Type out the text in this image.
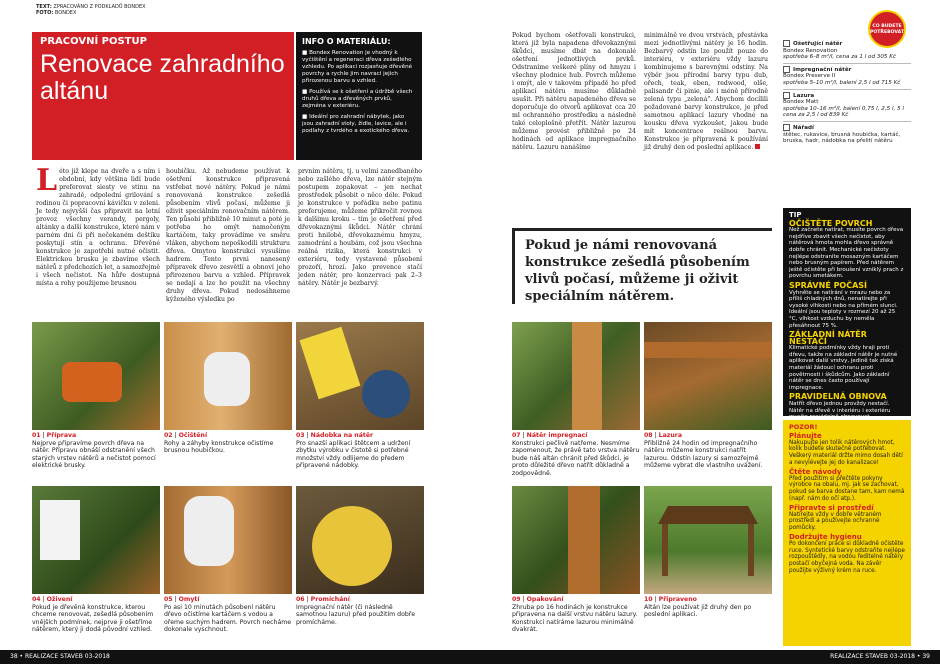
TEXT: ZPRACOVÁNO Z PODKLADŮ BONDEX
FOTO: BONDEX
PRACOVNÍ POSTUP
Renovace zahradního altánu
INFO O MATERIÁLU:

■ Bondex Renovation je vhodný k vyčištění a regeneraci dřeva zešedlého vzhledu. Po aplikaci rozjasňuje dřevěné povrchy a rychle jim navrací jejich přirozenou barvu a vzhled.

■ Používá se k ošetření a údržbě všech druhů dřeva a dřevěných prvků, zejména v exteriéru.

■ Ideální pro zahradní nábytek, jako jsou zahradní stoly, židle, lavice, ale i podlahy z tvrdého a exotického dřeva.

Léto již klepe na dveře a s ním i obdobní, kdy většina lidí bude preferovat siesty ve stínu na zahradě, odpolední grilování s rodinou či popracovní kávičku v zeleni. Je tedy nejvyšší čas připravit na letní provoz všechny verandy, pergoly, altánky a další konstrukce, které nám v parném dni či při nečekaném deštíku poskytují stín a ochranu. Dřevěné konstrukce je zapotřebí nutné očistit. Elektrickou brusku je zbavíme všech nátěrů z předchozích let, a samozřejmě i všech nečistot. Na hůře dostupná místa a rohy použijeme brusnou
houbičku. Až nebudeme používat k ošetření konstrukce připravená vstřebat nové nátěry. Pokud je námi renovovaná konstrukce zešedlá působením vlivů počasí, můžeme ji oživit speciálním renovačním nátěrem. Ten působí přibližně 10 minut a poté je potřeba ho omýt namočeným kartáčem, taky provádíme ve směru vláken, abychom nepoškodili strukturu dřeva. Omytou konstrukci vysušíme hadrem. Tento prvni nanesený přípravek dřevo zesvětlí a obnoví jeho přirozenou barvu a vzhled. Přípravek se nedají a lze ho použít na všechny druhy dřeva. Pokud nedosáhneme kýženého výsledku po
prvním nátěru, tj. u velmi zanedbaného nebo zašlého dřeva, lze nátěr stejným postupem zopakovat – jen nechat prostředek působit o něco déle. Pokud je konstrukce v pořádku nebo patinu preferujeme, můžeme přikročit rovnou k dalšímu kroku – tím je ošetření před dřevokaznými škůdci. Nátěr chrání proti hnilobě, dřevokaznému hmyzu, zamodrání a houbám, což jsou všechna reálná rizika, která konstrukci v exteriéru, tedy vystavené působení prozoří, hrozí. Jako prevence stačí jeden nátěr, pro konzervaci pak 2–3 nátěry. Nátěr je bezbarvý.
Pokud bychom ošetřovali konstrukci, která již byla napadena dřevokaznými škůdci, musíme dbát na dokonalé ošetření jednotlivých prvků. Odstraníme veškeré plíny od hmyzu i všechny plodnice hub. Povrch můžeme i omýt, ale v takovém případě ho před aplikací nátěru musíme důkladně usušit. Při nátěru napadeného dřeva se doporučuje do otvorů aplikovat cca 20 ml ochranného prostředku a následně také celoplošně přetřít. Nátěr lazurou můžeme provést přibližně po 24 hodinách od aplikace impregnačního nátěru. Lazuru nanášíme
minimálně ve dvou vrstvách, přestávka mezi jednotlivými nátěry je 16 hodin. Bezbarvý odstín lze použít pouze do interiéru, v exteriéru vždy lazuru kombinujeme s barevnými odstíny. Na výběr jsou přírodní barvy typu dub, ořech, teak, eben, redwood, olše, palisandr či pinie, ale i méně přírodně zelená typu „zelená". Abychom docílili požadované barvy konstrukce, je před samotnou aplikací lazury vhodné na kousku dřeva vyzkoušet, jakou bude mít koncentrace reálnou barvu. Konstrukce je připravená k používání již druhý den od poslední aplikace.
Ošetřující nátěr
Bondex Renovation
spotřeba 6–8 m²/l, cena za 1 l od 305 Kč
Impregnační nátěr
Bondex Preserve II
spotřeba 5–10 m²/l, balení 2,5 l od 715 Kč
Lazura
Bondex Matt
spotřeba 10–16 m²/l, balení 0,75 l, 2,5 l, 5 l cena za 2,5 l od 839 Kč
Nářadí
štětec, rukavice, brusná houbička, kartáč, bruska, hadr, nádobka na přelití nátěru
CO BUDETE POTŘEBOVAT
Pokud je námi renovovaná konstrukce zešedlá působením vlivů počasí, můžeme ji oživit speciálním nátěrem.
TIP
OČIŠTĚTE POVRCH
Než začnete natírat, musíte povrch dřeva nejdříve zbavit všech nečistot, aby nátěrová hmota mohla dřevo správně dobře chránit. Mechanické nečistoty nejlépe odstraníte mosazným kartáčem nebo brusným papírem. Před nátěrem ještě očistěte při broušení vzniklý prach z povrchu smetákem.
SPRÁVNÉ POČASÍ
Vyhněte se natírání v mrazu nebo za příliš chladných dnů, nenatírejte při vysoké vlhkosti nebo na přímém slunci. Ideální jsou teploty v rozmezí 20 až 25 °C, vlhkost vzduchu by neměla přesáhnout 75 %.
ZÁKLADNÍ NÁTĚR NESTAČÍ
Klimatické podmínky vždy hraji proti dřevu, takže na základní nátěr je nutné aplikovat další vrstvy, jedině tak získá materiál žádoucí ochranu proti povětrnosti i škůdcům. Jako základní nátěr se dnes často používají impregnace.
PRAVIDELNÁ OBNOVA
Natřít dřevo jednou provždy nestačí. Nátěr na dřevě v interiéru i exteriéru musíte pravidelně obnovovat.
POZOR!
Plánujte
Nakupujte jen tolik nátěrových hmot, kolik budete skutečně potřebovat. Veškerý materiál držte mimo dosah dětí a nevylévejte jej do kanalizace!
Čtěte návody
Před použitím si přečtěte pokyny výrobce na obalu, mj. jak se zachovat, pokud se barva dostane tam, kam nemá (např. nám do očí atp.).
Připravte si prostředí
Natírejte vždy v dobře větraném prostředí a používejte ochranné pomůcky.
Dodržujte hygienu
Po dokončení práce si důkladně očistěte ruce. Syntetické barvy odstraňte nejlépe rozpouštědly, na vodou ředitelné nátěry postačí obyčejná voda. Na závěr použijte výživný krém na ruce.
01 | Příprava
Nejprve připravíme povrch dřeva na nátěr. Přípravu obnáší odstranění všech starých vrstev nátěrů a nečistot pomocí elektrické brusky.
02 | Očištění
Rohy a záhyby konstrukce očistíme brusnou houbičkou.
03 | Nádobka na nátěr
Pro snazší aplikaci štětcem a udržení zbytku výrobku v čistotě si potřebné množství vždy odlijeme do předem připravené nádobky.
04 | Oživení
Pokud je dřevěná konstrukce, kterou chceme renovovat, zešedlá působením vnějších podmínek, nejprve ji ošetříme nátěrem, který ji dodá původní vzhled.
05 | Omytí
Po asi 10 minutách působení nátěru dřevo očistíme kartáčem s vodou a ořeme suchým hadrem. Povrch necháme dokonale vyschnout.
06 | Promíchání
Impregnační nátěr (či následně samotnou lazuru) před použitím dobře promícháme.
07 | Nátěr impregnací
Konstrukci pečlivě natřeme. Nesmíme zapomenout, že právě tato vrstva nátěru bude náš altán chránit před škůdci, je proto důležité dřevo natřít důkladně a zodpovědně.
08 | Lazura
Přibližně 24 hodin od impregnačního nátěru můžeme konstrukci natřít lazurou. Odstín lazury si samozřejmě můžeme vybrat dle vlastního uvážení.
09 | Opakování
Zhruba po 16 hodinách je konstrukce připravena na další vrstvu nátěru lazury. Konstrukci natíráme lazurou minimálně dvakrát.
10 | Připraveno
Altán lze používat již druhý den po poslední aplikaci.
38 • REALIZACE STAVEB 03-2018	REALIZACE STAVEB 03-2018 • 39
